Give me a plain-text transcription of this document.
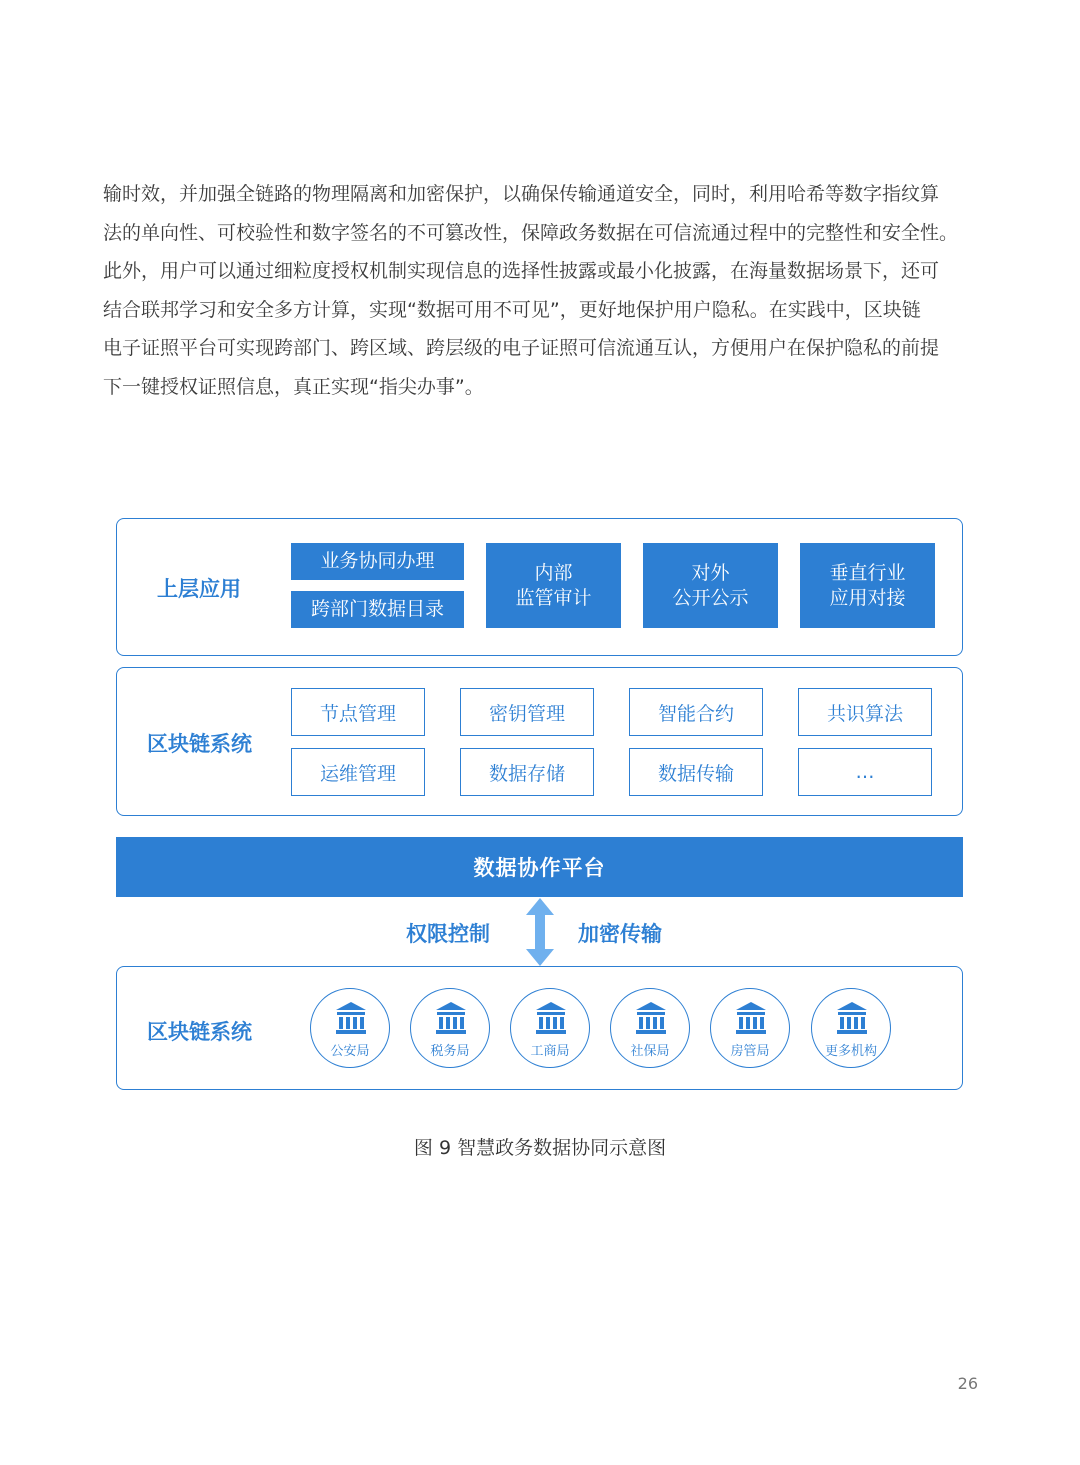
输时效，并加强全链路的物理隔离和加密保护，以确保传输通道安全，同时，利用哈希等数字指纹算

法的单向性、可校验性和数字签名的不可篡改性，保障政务数据在可信流通过程中的完整性和安全性。

此外，用户可以通过细粒度授权机制实现信息的选择性披露或最小化披露，在海量数据场景下，还可

结合联邦学习和安全多方计算，实现“数据可用不可见”，更好地保护用户隐私。在实践中，区块链

电子证照平台可实现跨部门、跨区域、跨层级的电子证照可信流通互认，方便用户在保护隐私的前提

下一键授权证照信息，真正实现“指尖办事”。

上层应用
业务协同办理
跨部门数据目录
内部
监管审计
对外
公开公示
垂直行业
应用对接
区块链系统
节点管理	密钥管理	智能合约	共识算法
运维管理	数据存储	数据传输	…
数据协作平台
权限控制	加密传输
区块链系统
公安局	税务局	工商局	社保局	房管局	更多机构
图 9 智慧政务数据协同示意图
26
